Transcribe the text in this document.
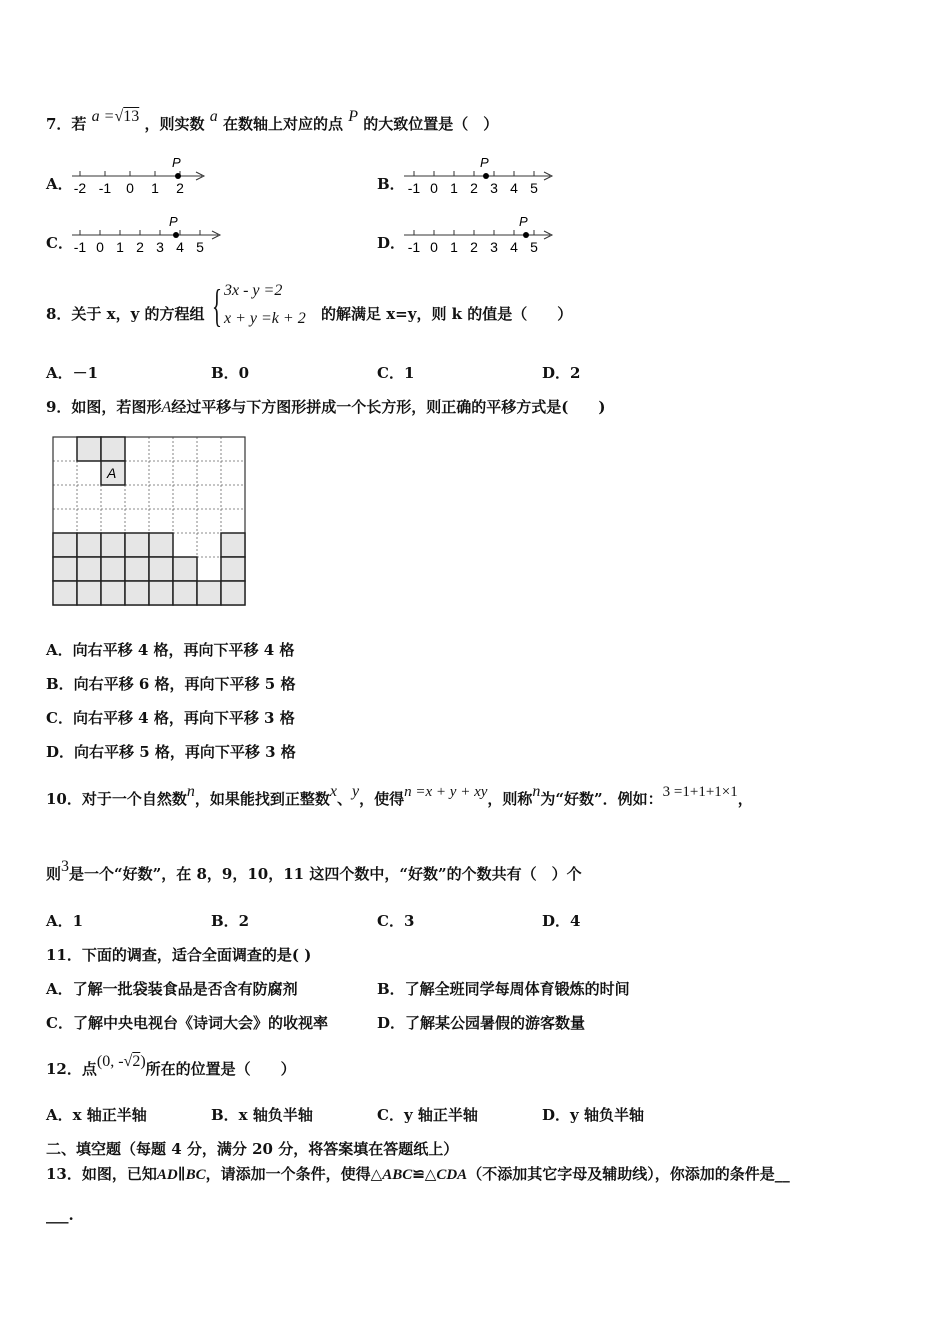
7．若 a =√13 ，则实数 a 在数轴上对应的点 P 的大致位置是（　）
A． -2 -1 0 1 2
P
B． -1 0 1 2 3 4 5
P
C． -1 0 1 2 3 4 5
P
D． -1 0 1 2 3 4 5
P
8．关于 x，y 的方程组 { 3x - y =2
x + y =k + 2 的解满足 x=y，则 k 的值是（　　）
A．－1	B．0	C．1	D．2
9．如图，若图形A经过平移与下方图形拼成一个长方形，则正确的平移方式是(　　)
A
A．向右平移 4 格，再向下平移 4 格
B．向右平移 6 格，再向下平移 5 格
C．向右平移 4 格，再向下平移 3 格
D．向右平移 5 格，再向下平移 3 格
10．对于一个自然数n，如果能找到正整数x、y，使得n =x + y + xy，则称n为“好数”．例如：3 =1+1+1×1，
则3是一个“好数”，在 8，9，10，11 这四个数中，“好数”的个数共有（　）个
A．1	B．2	C．3	D．4
11．下面的调查，适合全面调查的是( )
A．了解一批袋装食品是否含有防腐剂	B．了解全班同学每周体育锻炼的时间
C．了解中央电视台《诗词大会》的收视率	D．了解某公园暑假的游客数量
12．点(0, -√2)所在的位置是（　　）
A．x 轴正半轴	B．x 轴负半轴	C．y 轴正半轴	D．y 轴负半轴
二、填空题（每题 4 分，满分 20 分，将答案填在答题纸上）
13．如图，已知AD∥BC，请添加一个条件，使得△ABC≌△CDA（不添加其它字母及辅助线），你添加的条件是__
___.
